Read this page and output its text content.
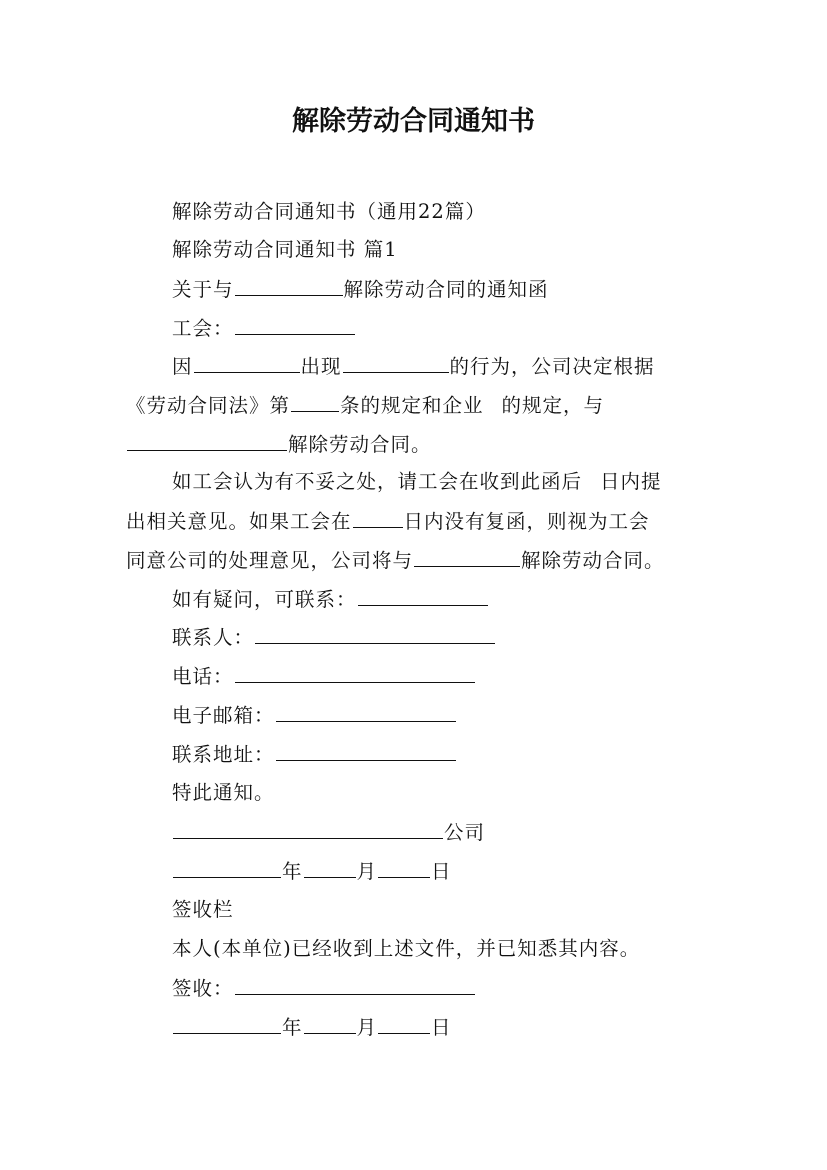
解除劳动合同通知书
解除劳动合同通知书（通用22篇）
解除劳动合同通知书 篇1
关于与	解除劳动合同的通知函
工会：
因	出现	的行为，公司决定根据
《劳动合同法》第	条的规定和企业 的规定，与
解除劳动合同。
如工会认为有不妥之处，请工会在收到此函后 日内提
出相关意见。如果工会在	日内没有复函，则视为工会
同意公司的处理意见，公司将与	解除劳动合同。
如有疑问，可联系：
联系人：
电话：
电子邮箱：
联系地址：
特此通知。
公司
年	月	日
签收栏
本人(本单位)已经收到上述文件，并已知悉其内容。
签收：
年	月	日
